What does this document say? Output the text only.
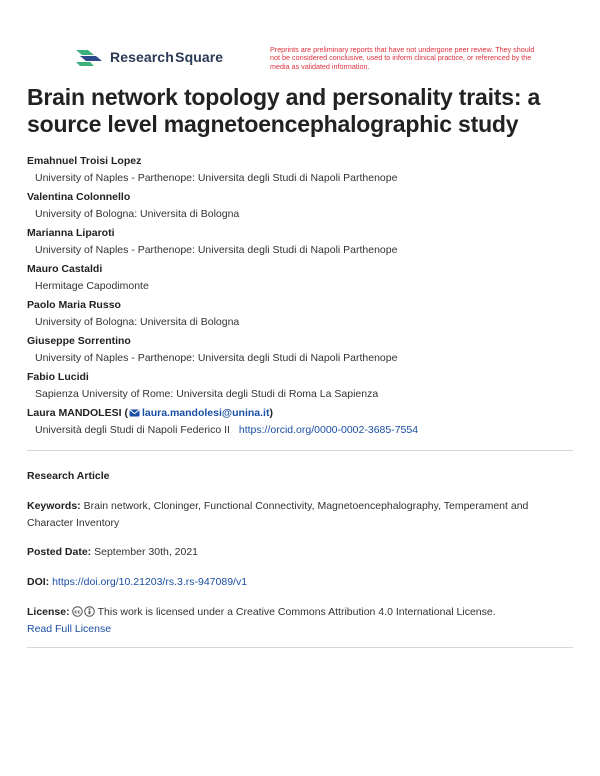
Research Square	Preprints are preliminary reports that have not undergone peer review. They should not be considered conclusive, used to inform clinical practice, or referenced by the media as validated information.
Brain network topology and personality traits: a source level magnetoencephalographic study
Emahnuel Troisi Lopez
University of Naples - Parthenope: Universita degli Studi di Napoli Parthenope
Valentina Colonnello
University of Bologna: Universita di Bologna
Marianna Liparoti
University of Naples - Parthenope: Universita degli Studi di Napoli Parthenope
Mauro Castaldi
Hermitage Capodimonte
Paolo Maria Russo
University of Bologna: Universita di Bologna
Giuseppe Sorrentino
University of Naples - Parthenope: Universita degli Studi di Napoli Parthenope
Fabio Lucidi
Sapienza University of Rome: Universita degli Studi di Roma La Sapienza
Laura MANDOLESI ( laura.mandolesi@unina.it)
Università degli Studi di Napoli Federico II https://orcid.org/0000-0002-3685-7554
Research Article
Keywords: Brain network, Cloninger, Functional Connectivity, Magnetoencephalography, Temperament and Character Inventory
Posted Date: September 30th, 2021
DOI: https://doi.org/10.21203/rs.3.rs-947089/v1
License: cc This work is licensed under a Creative Commons Attribution 4.0 International License.
Read Full License
